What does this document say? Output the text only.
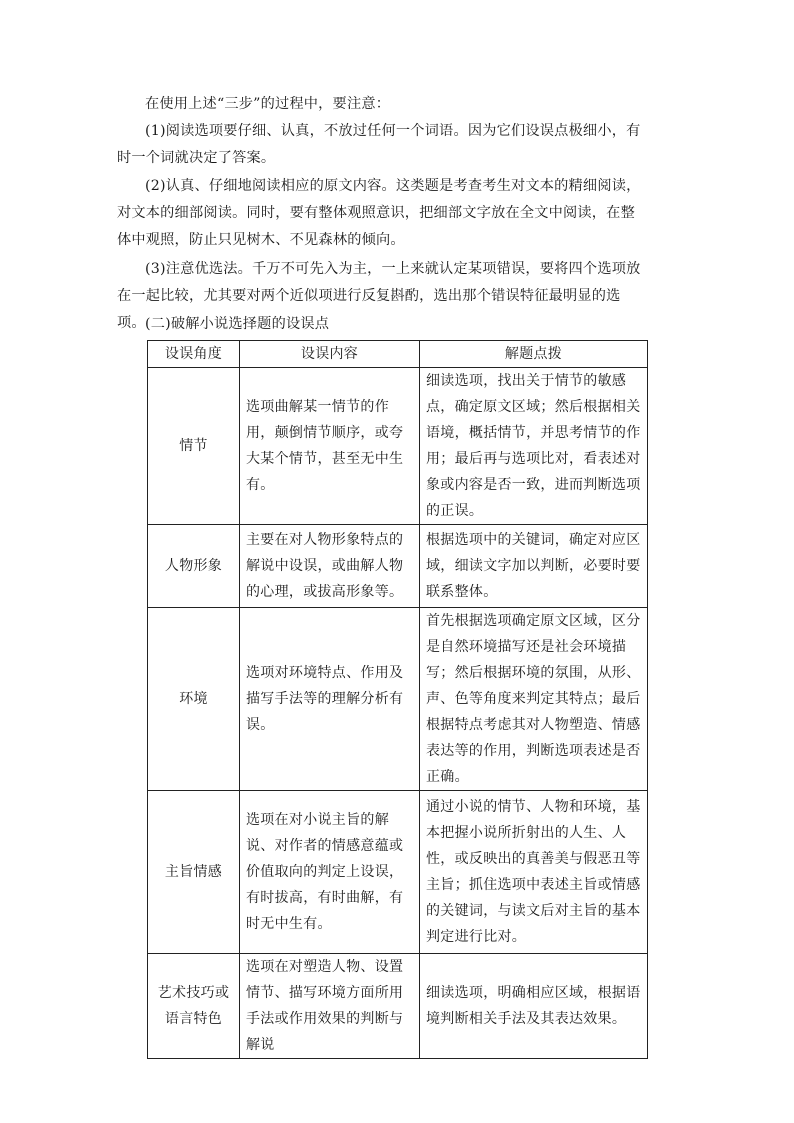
在使用上述“三步”的过程中，要注意：

(1)阅读选项要仔细、认真，不放过任何一个词语。因为它们设误点极细小，有时一个词就决定了答案。

(2)认真、仔细地阅读相应的原文内容。这类题是考查考生对文本的精细阅读，对文本的细部阅读。同时，要有整体观照意识，把细部文字放在全文中阅读，在整体中观照，防止只见树木、不见森林的倾向。

(3)注意优选法。千万不可先入为主，一上来就认定某项错误，要将四个选项放在一起比较，尤其要对两个近似项进行反复斟酌，选出那个错误特征最明显的选项。 (二)破解小说选择题的设误点

设误角度	设误内容	解题点拨
情节	选项曲解某一情节的作用，颠倒情节顺序，或夸大某个情节，甚至无中生有。	细读选项，找出关于情节的敏感点，确定原文区域；然后根据相关语境，概括情节，并思考情节的作用；最后再与选项比对，看表述对象或内容是否一致，进而判断选项的正误。

人物形象	主要在对人物形象特点的解说中设误，或曲解人物的心理，或拔高形象等。	根据选项中的关键词，确定对应区域，细读文字加以判断，必要时要联系整体。

环境	选项对环境特点、作用及描写手法等的理解分析有误。	首先根据选项确定原文区域，区分是自然环境描写还是社会环境描写；然后根据环境的氛围，从形、声、色等角度来判定其特点；最后根据特点考虑其对人物塑造、情感表达等的作用，判断选项表述是否正确。

主旨情感	选项在对小说主旨的解说、对作者的情感意蕴或价值取向的判定上设误，有时拔高，有时曲解，有时无中生有。	通过小说的情节、人物和环境，基本把握小说所折射出的人生、人性，或反映出的真善美与假恶丑等主旨；抓住选项中表述主旨或情感的关键词，与读文后对主旨的基本判定进行比对。

艺术技巧或语言特色	选项在对塑造人物、设置情节、描写环境方面所用手法或作用效果的判断与解说	细读选项，明确相应区域，根据语境判断相关手法及其表达效果。
